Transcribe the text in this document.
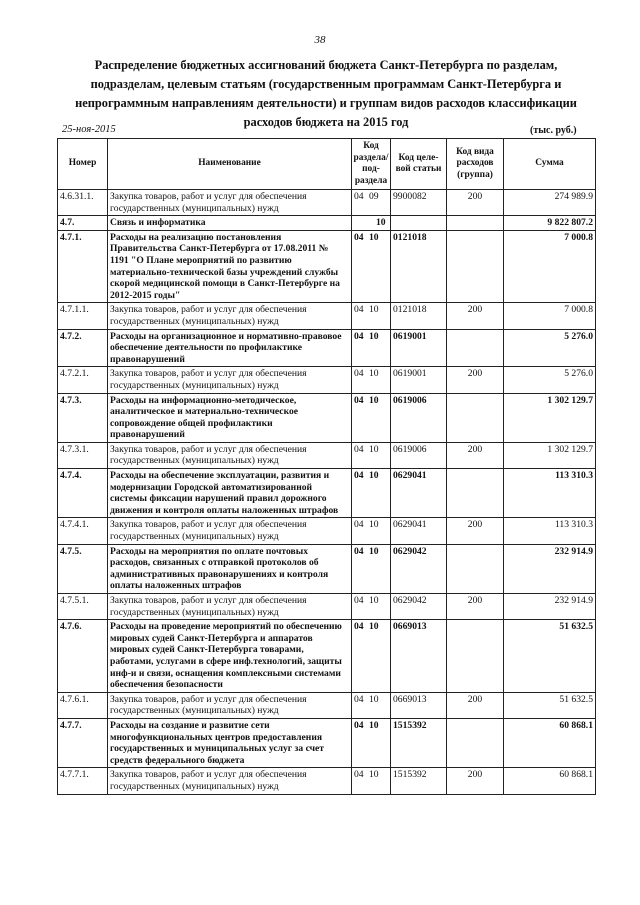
38
Распределение бюджетных ассигнований бюджета Санкт-Петербурга по разделам, подразделам, целевым статьям (государственным программам Санкт-Петербурга и непрограммным направлениям деятельности) и группам видов расходов классификации расходов бюджета на 2015 год
25-ноя-2015	(тыс. руб.)
Номер	Наименование	Код раздела/ под-раздела	Код целе-вой статьи	Код вида расходов (группа)	Сумма
4.6.31.1.	Закупка товаров, работ и услуг для обеспечения государственных (муниципальных) нужд	04 09	9900082	200	274 989.9
4.7.	Связь и информатика	10			9 822 807.2
4.7.1.	Расходы на реализацию постановления Правительства Санкт-Петербурга от 17.08.2011 № 1191 "О Плане мероприятий по развитию материально-технической базы учреждений службы скорой медицинской помощи в Санкт-Петербурге на 2012-2015 годы"	04 10	0121018		7 000.8
4.7.1.1.	Закупка товаров, работ и услуг для обеспечения государственных (муниципальных) нужд	04 10	0121018	200	7 000.8
4.7.2.	Расходы на организационное и нормативно-правовое обеспечение деятельности по профилактике правонарушений	04 10	0619001		5 276.0
4.7.2.1.	Закупка товаров, работ и услуг для обеспечения государственных (муниципальных) нужд	04 10	0619001	200	5 276.0
4.7.3.	Расходы на информационно-методическое, аналитическое и материально-техническое сопровождение общей профилактики правонарушений	04 10	0619006		1 302 129.7
4.7.3.1.	Закупка товаров, работ и услуг для обеспечения государственных (муниципальных) нужд	04 10	0619006	200	1 302 129.7
4.7.4.	Расходы на обеспечение эксплуатации, развития и модернизации Городской автоматизированной системы фиксации нарушений правил дорожного движения и контроля оплаты наложенных штрафов	04 10	0629041		113 310.3
4.7.4.1.	Закупка товаров, работ и услуг для обеспечения государственных (муниципальных) нужд	04 10	0629041	200	113 310.3
4.7.5.	Расходы на мероприятия по оплате почтовых расходов, связанных с отправкой протоколов об административных правонарушениях и контроля оплаты наложенных штрафов	04 10	0629042		232 914.9
4.7.5.1.	Закупка товаров, работ и услуг для обеспечения государственных (муниципальных) нужд	04 10	0629042	200	232 914.9
4.7.6.	Расходы на проведение мероприятий по обеспечению мировых судей Санкт-Петербурга и аппаратов мировых судей Санкт-Петербурга товарами, работами, услугами в сфере инф.технологий, защиты инф-и и связи, оснащения комплексными системами обеспечения безопасности	04 10	0669013		51 632.5
4.7.6.1.	Закупка товаров, работ и услуг для обеспечения государственных (муниципальных) нужд	04 10	0669013	200	51 632.5
4.7.7.	Расходы на создание и развитие сети многофункциональных центров предоставления государственных и муниципальных услуг за счет средств федерального бюджета	04 10	1515392		60 868.1
4.7.7.1.	Закупка товаров, работ и услуг для обеспечения государственных (муниципальных) нужд	04 10	1515392	200	60 868.1
